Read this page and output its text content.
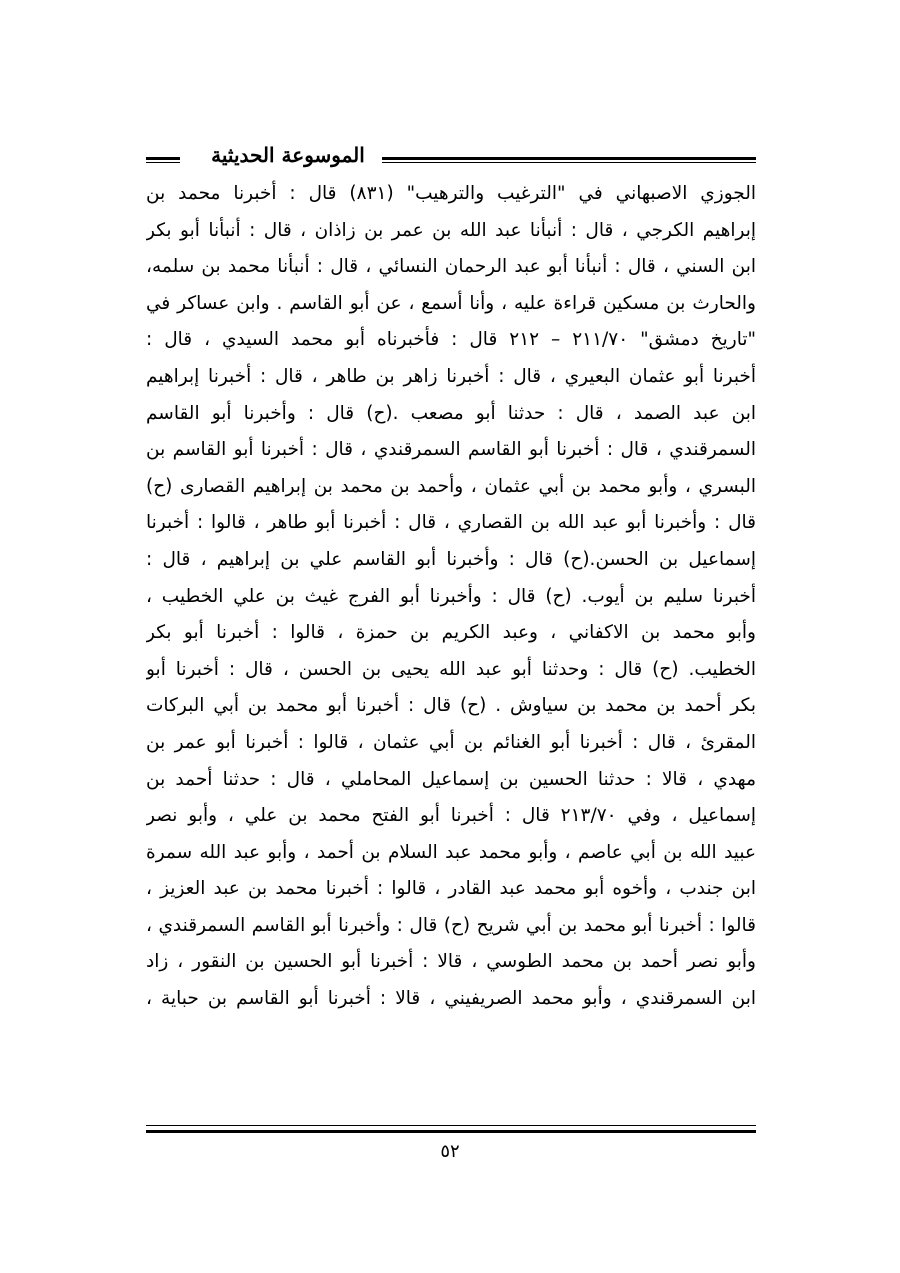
الموسوعة الحديثية
الجوزي الاصبهاني في "الترغيب والترهيب" (٨٣١) قال : أخبرنا محمد بن
إبراهيم الكرجي ، قال : أنبأنا عبد الله بن عمر بن زاذان ، قال : أنبأنا أبو بكر
ابن السني ، قال : أنبأنا أبو عبد الرحمان النسائي ، قال : أنبأنا محمد بن سلمه،
والحارث بن مسكين قراءة عليه ، وأنا أسمع ، عن أبو القاسم . وابن عساكر في
"تاريخ دمشق" ٢١١/٧٠ – ٢١٢ قال : فأخبرناه أبو محمد السيدي ، قال :
أخبرنا أبو عثمان البعيري ، قال : أخبرنا زاهر بن طاهر ، قال : أخبرنا إبراهيم
ابن عبد الصمد ، قال : حدثنا أبو مصعب .(ح) قال : وأخبرنا أبو القاسم
السمرقندي ، قال : أخبرنا أبو القاسم السمرقندي ، قال : أخبرنا أبو القاسم بن
البسري ، وأبو محمد بن أبي عثمان ، وأحمد بن محمد بن إبراهيم القصارى (ح)
قال : وأخبرنا أبو عبد الله بن القصاري ، قال : أخبرنا أبو طاهر ، قالوا : أخبرنا
إسماعيل بن الحسن.(ح) قال : وأخبرنا أبو القاسم علي بن إبراهيم ، قال :
أخبرنا سليم بن أيوب. (ح) قال : وأخبرنا أبو الفرج غيث بن علي الخطيب ،
وأبو محمد بن الاكفاني ، وعبد الكريم بن حمزة ، قالوا : أخبرنا أبو بكر
الخطيب. (ح) قال : وحدثنا أبو عبد الله يحيى بن الحسن ، قال : أخبرنا أبو
بكر أحمد بن محمد بن سياوش . (ح) قال : أخبرنا أبو محمد بن أبي البركات
المقرئ ، قال : أخبرنا أبو الغنائم بن أبي عثمان ، قالوا : أخبرنا أبو عمر بن
مهدي ، قالا : حدثنا الحسين بن إسماعيل المحاملي ، قال : حدثنا أحمد بن
إسماعيل ، وفي ٢١٣/٧٠ قال : أخبرنا أبو الفتح محمد بن علي ، وأبو نصر
عبيد الله بن أبي عاصم ، وأبو محمد عبد السلام بن أحمد ، وأبو عبد الله سمرة
ابن جندب ، وأخوه أبو محمد عبد القادر ، قالوا : أخبرنا محمد بن عبد العزيز ،
قالوا : أخبرنا أبو محمد بن أبي شريح (ح) قال : وأخبرنا أبو القاسم السمرقندي ،
وأبو نصر أحمد بن محمد الطوسي ، قالا : أخبرنا أبو الحسين بن النقور ، زاد
ابن السمرقندي ، وأبو محمد الصريفيني ، قالا : أخبرنا أبو القاسم بن حباية ،
٥٢
